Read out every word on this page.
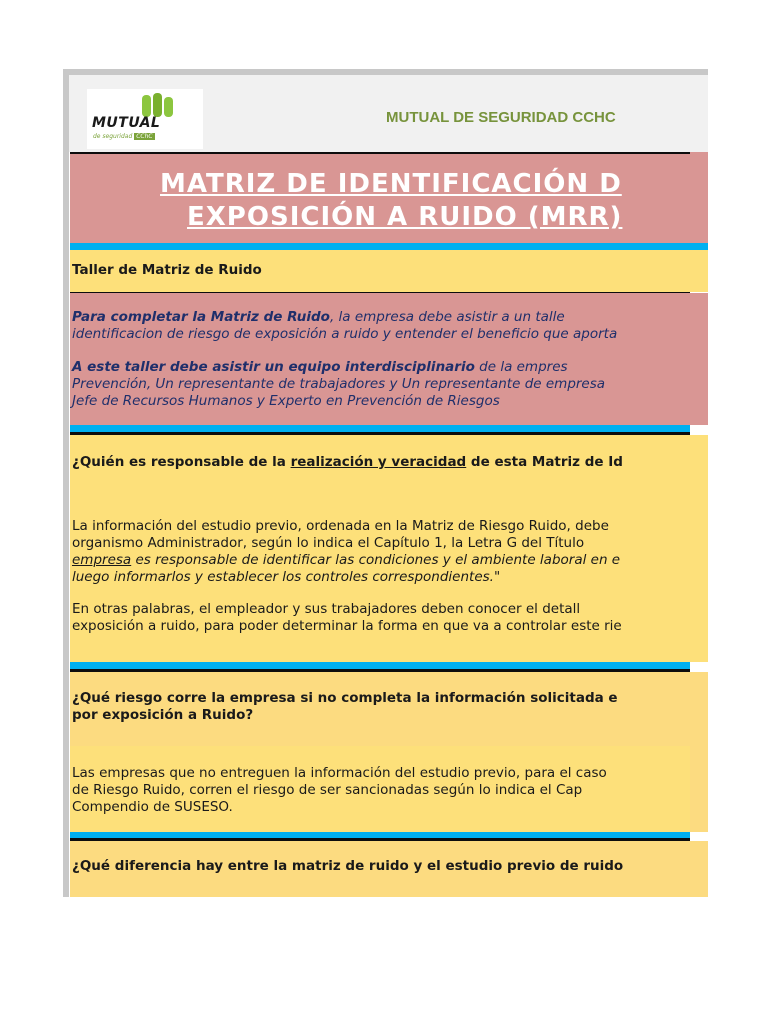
MUTUAL
de seguridad CChC
MUTUAL DE SEGURIDAD CCHC
MATRIZ DE IDENTIFICACIÓN D
EXPOSICIÓN A RUIDO (MRR)
Taller de Matriz de Ruido
Para completar la Matriz de Ruido, la empresa debe asistir a un talle
identificacion de riesgo de exposición a ruido y entender el beneficio que aporta
A este taller debe asistir un equipo interdisciplinario de la empres
Prevención, Un representante de trabajadores y Un representante de empresa
Jefe de Recursos Humanos y Experto en Prevención de Riesgos
¿Quién es responsable de la realización y veracidad de esta Matriz de Id
La información del estudio previo, ordenada en la Matriz de Riesgo Ruido, debe
organismo Administrador, según lo indica el Capítulo 1, la Letra G del Título
empresa es responsable de identificar las condiciones y el ambiente laboral en e
luego informarlos y establecer los controles correspondientes."
En otras palabras, el empleador y sus trabajadores deben conocer el detall
exposición a ruido, para poder determinar la forma en que va a controlar este rie
¿Qué riesgo corre la empresa si no completa la información solicitada e
por exposición a Ruido?
Las empresas que no entreguen la información del estudio previo, para el caso
de Riesgo Ruido, corren el riesgo de ser sancionadas según lo indica el Cap
Compendio de SUSESO.
¿Qué diferencia hay entre la matriz de ruido y el estudio previo de ruido
